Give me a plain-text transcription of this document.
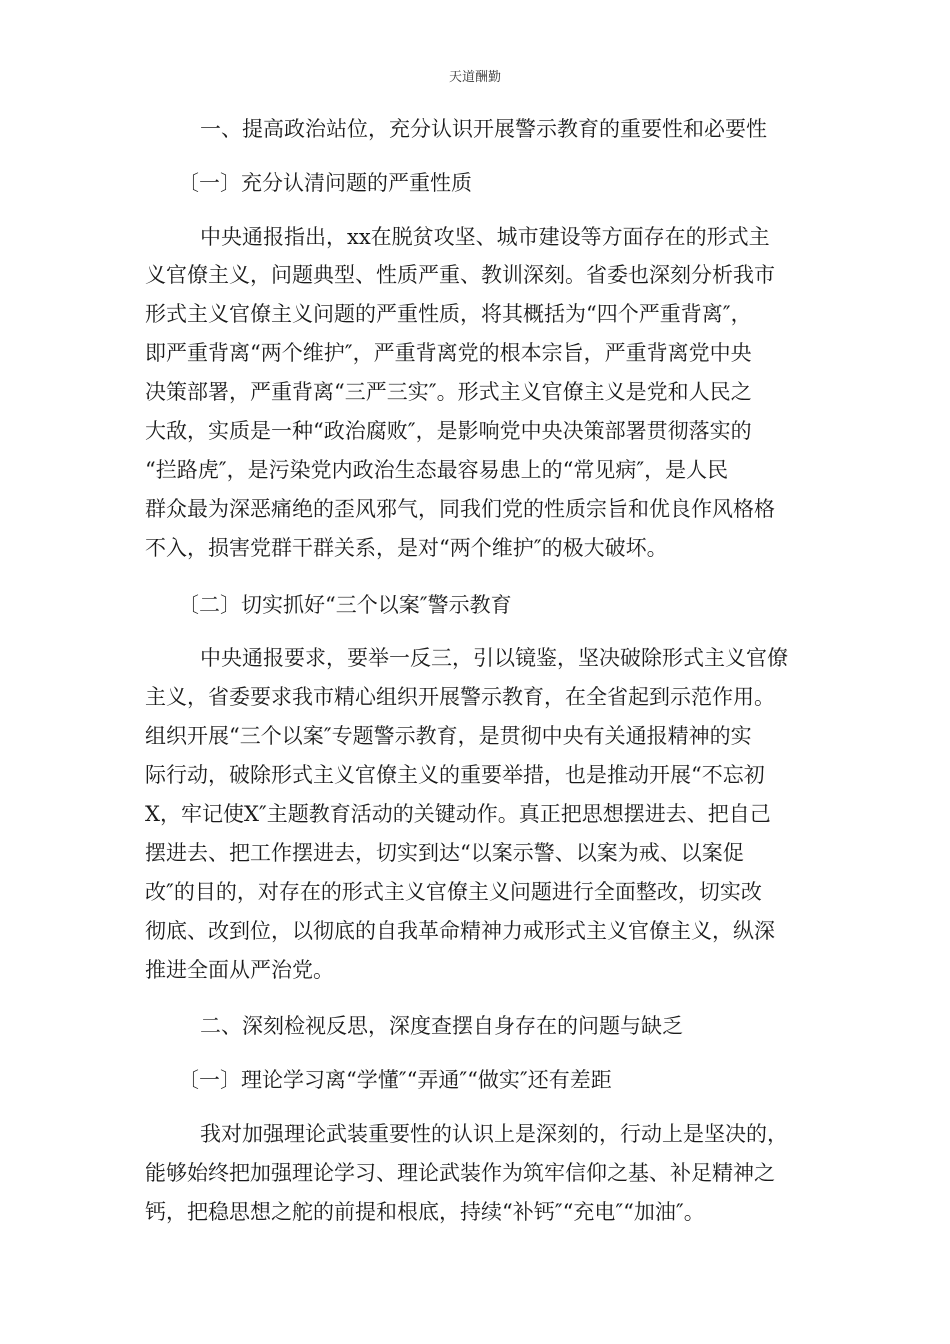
天道酬勤
一、提高政治站位，充分认识开展警示教育的重要性和必要性
〔一〕充分认清问题的严重性质
中央通报指出，xx在脱贫攻坚、城市建设等方面存在的形式主
义官僚主义，问题典型、性质严重、教训深刻。省委也深刻分析我市
形式主义官僚主义问题的严重性质，将其概括为“四个严重背离″，
即严重背离“两个维护″，严重背离党的根本宗旨，严重背离党中央
决策部署，严重背离“三严三实″。形式主义官僚主义是党和人民之
大敌，实质是一种“政治腐败″，是影响党中央决策部署贯彻落实的
“拦路虎″，是污染党内政治生态最容易患上的“常见病″，是人民
群众最为深恶痛绝的歪风邪气，同我们党的性质宗旨和优良作风格格
不入，损害党群干群关系，是对“两个维护″的极大破坏。
〔二〕切实抓好“三个以案″警示教育
中央通报要求，要举一反三，引以镜鉴，坚决破除形式主义官僚
主义，省委要求我市精心组织开展警示教育，在全省起到示范作用。
组织开展“三个以案″专题警示教育，是贯彻中央有关通报精神的实
际行动，破除形式主义官僚主义的重要举措，也是推动开展“不忘初
X，牢记使X″主题教育活动的关键动作。真正把思想摆进去、把自己
摆进去、把工作摆进去，切实到达“以案示警、以案为戒、以案促
改″的目的，对存在的形式主义官僚主义问题进行全面整改，切实改
彻底、改到位，以彻底的自我革命精神力戒形式主义官僚主义，纵深
推进全面从严治党。
二、深刻检视反思，深度查摆自身存在的问题与缺乏
〔一〕理论学习离“学懂″“弄通″“做实″还有差距
我对加强理论武装重要性的认识上是深刻的，行动上是坚决的，
能够始终把加强理论学习、理论武装作为筑牢信仰之基、补足精神之
钙，把稳思想之舵的前提和根底，持续“补钙″“充电″“加油″。
